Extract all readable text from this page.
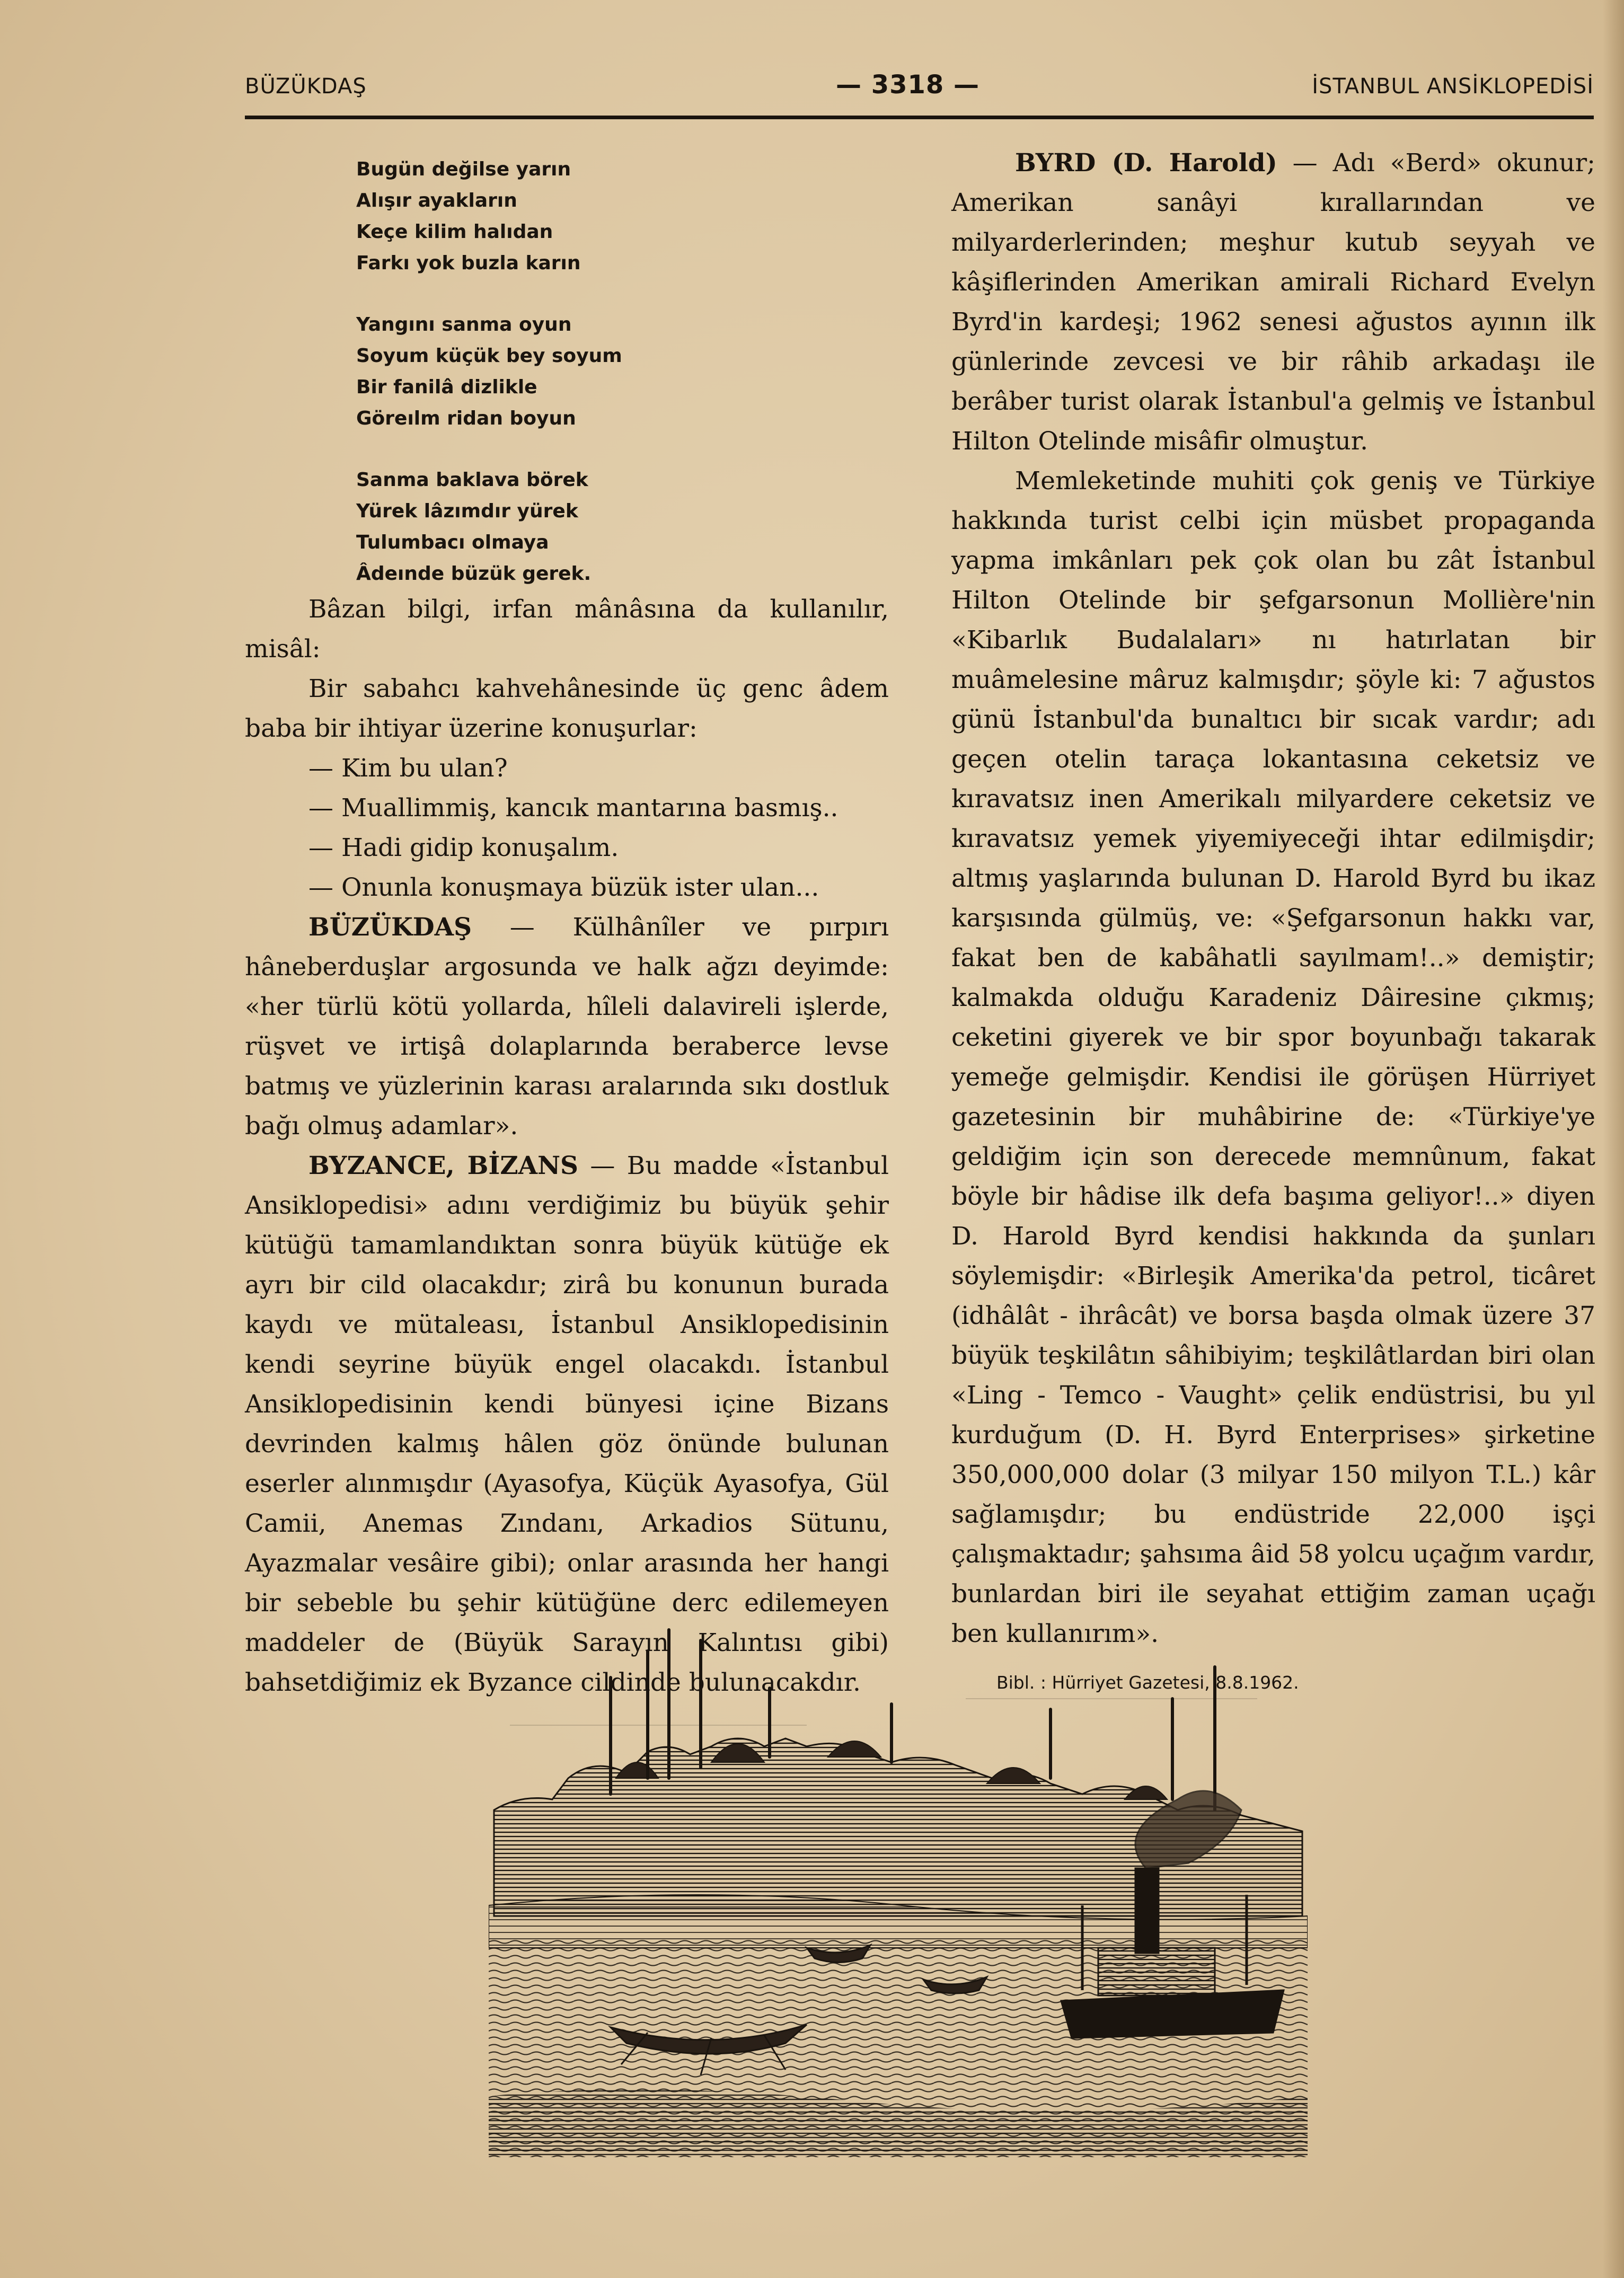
BÜZÜKDAŞ	— 3318 —	İSTANBUL ANSİKLOPEDİSİ
Bugün değilse yarın
Alışır ayakların
Keçe kilim halıdan
Farkı yok buzla karın
Yangını sanma oyun
Soyum küçük bey soyum
Bir fanilâ dizlikle
Göreılm ridan boyun
Sanma baklava börek
Yürek lâzımdır yürek
Tulumbacı olmaya
Âdeınde büzük gerek.

Bâzan bilgi, irfan mânâsına da kullanılır, misâl:

Bir sabahcı kahvehânesinde üç genc âdem baba bir ihtiyar üzerine konuşurlar:

— Kim bu ulan?

— Muallimmiş, kancık mantarına basmış..

— Hadi gidip konuşalım.

— Onunla konuşmaya büzük ister ulan...

BÜZÜKDAŞ — Külhânîler ve pırpırı hâneberduşlar argosunda ve halk ağzı deyimde: «her türlü kötü yollarda, hîleli dalavireli işlerde, rüşvet ve irtişâ dolaplarında beraberce levse batmış ve yüzlerinin karası aralarında sıkı dostluk bağı olmuş adamlar».

BYZANCE, BİZANS — Bu madde «İstanbul Ansiklopedisi» adını verdiğimiz bu büyük şehir kütüğü tamamlandıktan sonra büyük kütüğe ek ayrı bir cild olacakdır; zirâ bu konunun burada kaydı ve mütaleası, İstanbul Ansiklopedisinin kendi seyrine büyük engel olacakdı. İstanbul Ansiklopedisinin kendi bünyesi içine Bizans devrinden kalmış hâlen göz önünde bulunan eserler alınmışdır (Ayasofya, Küçük Ayasofya, Gül Camii, Anemas Zındanı, Arkadios Sütunu, Ayazmalar vesâire gibi); onlar arasında her hangi bir sebeble bu şehir kütüğüne derc edilemeyen maddeler de (Büyük Sarayın Kalıntısı gibi) bahsetdiğimiz ek Byzance cildinde bulunacakdır.

BYRD (D. Harold) — Adı «Berd» okunur; Amerikan sanâyi kırallarından ve milyarderlerinden; meşhur kutub seyyah ve kâşiflerinden Amerikan amirali Richard Evelyn Byrd'in kardeşi; 1962 senesi ağustos ayının ilk günlerinde zevcesi ve bir râhib arkadaşı ile berâber turist olarak İstanbul'a gelmiş ve İstanbul Hilton Otelinde misâfir olmuştur.

Memleketinde muhiti çok geniş ve Türkiye hakkında turist celbi için müsbet propaganda yapma imkânları pek çok olan bu zât İstanbul Hilton Otelinde bir şefgarsonun Mollière'nin «Kibarlık Budalaları» nı hatırlatan bir muâmelesine mâruz kalmışdır; şöyle ki: 7 ağustos günü İstanbul'da bunaltıcı bir sıcak vardır; adı geçen otelin taraça lokantasına ceketsiz ve kıravatsız inen Amerikalı milyardere ceketsiz ve kıravatsız yemek yiyemiyeceği ihtar edilmişdir; altmış yaşlarında bulunan D. Harold Byrd bu ikaz karşısında gülmüş, ve: «Şefgarsonun hakkı var, fakat ben de kabâhatli sayılmam!..» demiştir; kalmakda olduğu Karadeniz Dâiresine çıkmış; ceketini giyerek ve bir spor boyunbağı takarak yemeğe gelmişdir. Kendisi ile görüşen Hürriyet gazetesinin bir muhâbirine de: «Türkiye'ye geldiğim için son derecede memnûnum, fakat böyle bir hâdise ilk defa başıma geliyor!..» diyen D. Harold Byrd kendisi hakkında da şunları söylemişdir: «Birleşik Amerika'da petrol, ticâret (idhâlât - ihrâcât) ve borsa başda olmak üzere 37 büyük teşkilâtın sâhibiyim; teşkilâtlardan biri olan «Ling - Temco - Vaught» çelik endüstrisi, bu yıl kurduğum (D. H. Byrd Enterprises» şirketine 350,000,000 dolar (3 milyar 150 milyon T.L.) kâr sağlamışdır; bu endüstride 22,000 işçi çalışmaktadır; şahsıma âid 58 yolcu uçağım vardır, bunlardan biri ile seyahat ettiğim zaman uçağı ben kullanırım».

Bibl. : Hürriyet Gazetesi, 8.8.1962.
